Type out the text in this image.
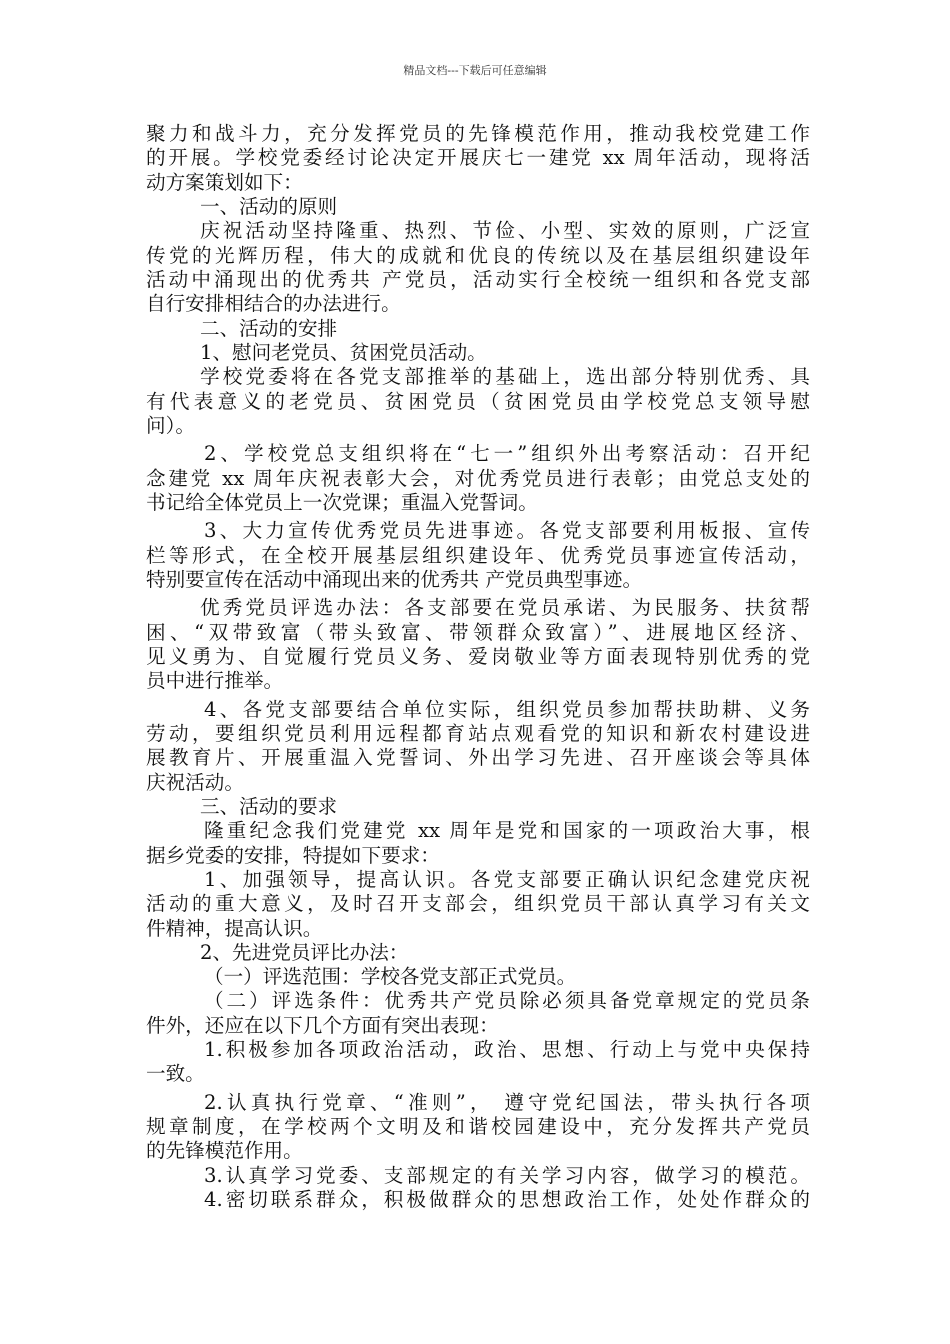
精品文档---下载后可任意编辑
聚力和战斗力，充分发挥党员的先锋模范作用，推动我校党建工作
的开展。学校党委经讨论决定开展庆七一建党 xx 周年活动，现将活
动方案策划如下：
一、活动的原则
庆祝活动坚持隆重、热烈、节俭、小型、实效的原则，广泛宣
传党的光辉历程，伟大的成就和优良的传统以及在基层组织建设年
活动中涌现出的优秀共 产党员，活动实行全校统一组织和各党支部
自行安排相结合的办法进行。
二、活动的安排
1、慰问老党员、贫困党员活动。
学校党委将在各党支部推举的基础上，选出部分特别优秀、具
有代表意义的老党员、贫困党员（贫困党员由学校党总支领导慰
问）。
2、学校党总支组织将在“七一”组织外出考察活动：召开纪
念建党 xx 周年庆祝表彰大会，对优秀党员进行表彰；由党总支处的
书记给全体党员上一次党课；重温入党誓词。
3、大力宣传优秀党员先进事迹。各党支部要利用板报、宣传
栏等形式，在全校开展基层组织建设年、优秀党员事迹宣传活动，
特别要宣传在活动中涌现出来的优秀共 产党员典型事迹。
优秀党员评选办法：各支部要在党员承诺、为民服务、扶贫帮
困、“双带致富（带头致富、带领群众致富）”、进展地区经济、
见义勇为、自觉履行党员义务、爱岗敬业等方面表现特别优秀的党
员中进行推举。
4、各党支部要结合单位实际，组织党员参加帮扶助耕、义务
劳动，要组织党员利用远程都育站点观看党的知识和新农村建设进
展教育片、开展重温入党誓词、外出学习先进、召开座谈会等具体
庆祝活动。
三、活动的要求
隆重纪念我们党建党 xx 周年是党和国家的一项政治大事，根
据乡党委的安排，特提如下要求：
1、加强领导，提高认识。各党支部要正确认识纪念建党庆祝
活动的重大意义，及时召开支部会，组织党员干部认真学习有关文
件精神，提高认识。
2、先进党员评比办法：
（一）评选范围：学校各党支部正式党员。
（二）评选条件：优秀共产党员除必须具备党章规定的党员条
件外，还应在以下几个方面有突出表现：
1.积极参加各项政治活动，政治、思想、行动上与党中央保持
一致。
2.认真执行党章、“准则”， 遵守党纪国法，带头执行各项
规章制度，在学校两个文明及和谐校园建设中，充分发挥共产党员
的先锋模范作用。
3.认真学习党委、支部规定的有关学习内容，做学习的模范。
4.密切联系群众，积极做群众的思想政治工作，处处作群众的
